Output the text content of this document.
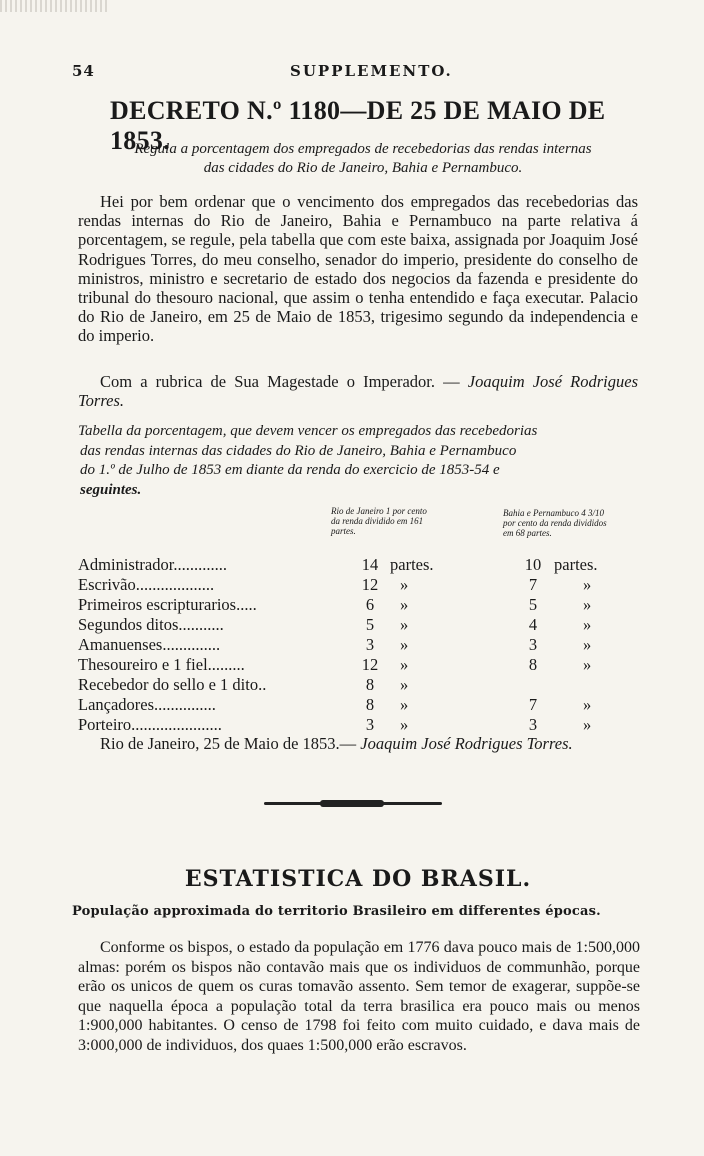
54	SUPPLEMENTO.
DECRETO N.º 1180—DE 25 DE MAIO DE 1853.
Regula a porcentagem dos empregados de recebedorias das rendas internas
das cidades do Rio de Janeiro, Bahia e Pernambuco.
Hei por bem ordenar que o vencimento dos empregados das recebedorias das rendas internas do Rio de Janeiro, Bahia e Pernambuco na parte relativa á porcentagem, se regule, pela tabella que com este baixa, assignada por Joaquim José Rodrigues Torres, do meu conselho, senador do imperio, presidente do conselho de ministros, ministro e secretario de estado dos negocios da fazenda e presidente do tribunal do thesouro nacional, que assim o tenha entendido e faça executar. Palacio do Rio de Janeiro, em 25 de Maio de 1853, trigesimo segundo da independencia e do imperio.
Com a rubrica de Sua Magestade o Imperador. — Joaquim José Rodrigues Torres.
Tabella da porcentagem, que devem vencer os empregados das recebedorias
das rendas internas das cidades do Rio de Janeiro, Bahia e Pernambuco
do 1.º de Julho de 1853 em diante da renda do exercicio de 1853-54 e
seguintes.
Rio de Janeiro 1 por cento
da renda dividido em 161
partes.
Bahia e Pernambuco 4 3/10
por cento da renda divididos
em 68 partes.
Administrador.............	14 partes.	10 partes.
Escrivão...................	12	»	7	»
Primeiros escripturarios.....	6	»	5	»
Segundos ditos...........	5	»	4	»
Amanuenses..............	3	»	3	»
Thesoureiro e 1 fiel.........	12	»	8	»
Recebedor do sello e 1 dito..	8	»
Lançadores...............	8	»	7	»
Porteiro......................	3	»	3	»
Rio de Janeiro, 25 de Maio de 1853.— Joaquim José Rodrigues Torres.
ESTATISTICA DO BRASIL.
População approximada do territorio Brasileiro em differentes épocas.
Conforme os bispos, o estado da população em 1776 dava pouco mais de 1:500,000 almas: porém os bispos não contavão mais que os individuos de communhão, porque erão os unicos de quem os curas tomavão assento. Sem temor de exagerar, suppõe-se que naquella época a população total da terra brasilica era pouco mais ou menos 1:900,000 habitantes. O censo de 1798 foi feito com muito cuidado, e dava mais de 3:000,000 de individuos, dos quaes 1:500,000 erão escravos.
